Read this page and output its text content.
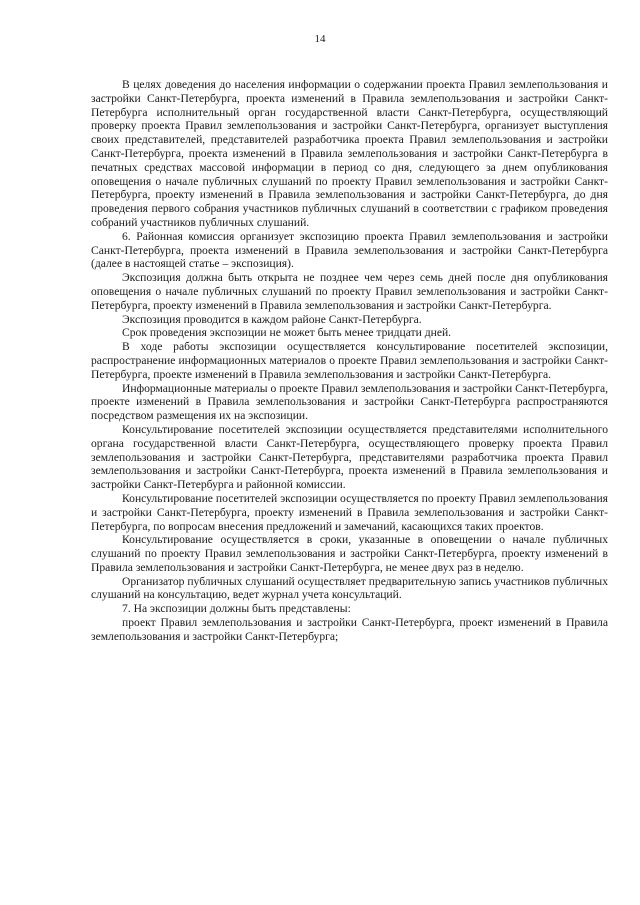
14

В целях доведения до населения информации о содержании проекта Правил землепользования и застройки Санкт-Петербурга, проекта изменений в Правила землепользования и застройки Санкт-Петербурга исполнительный орган государственной власти Санкт-Петербурга, осуществляющий проверку проекта Правил землепользования и застройки Санкт-Петербурга, организует выступления своих представителей, представителей разработчика проекта Правил землепользования и застройки Санкт-Петербурга, проекта изменений в Правила землепользования и застройки Санкт-Петербурга в печатных средствах массовой информации в период со дня, следующего за днем опубликования оповещения о начале публичных слушаний по проекту Правил землепользования и застройки Санкт-Петербурга, проекту изменений в Правила землепользования и застройки Санкт-Петербурга, до дня проведения первого собрания участников публичных слушаний в соответствии с графиком проведения собраний участников публичных слушаний.

6. Районная комиссия организует экспозицию проекта Правил землепользования и застройки Санкт-Петербурга, проекта изменений в Правила землепользования и застройки Санкт-Петербурга (далее в настоящей статье – экспозиция).

Экспозиция должна быть открыта не позднее чем через семь дней после дня опубликования оповещения о начале публичных слушаний по проекту Правил землепользования и застройки Санкт-Петербурга, проекту изменений в Правила землепользования и застройки Санкт-Петербурга.

Экспозиция проводится в каждом районе Санкт-Петербурга.

Срок проведения экспозиции не может быть менее тридцати дней.

В ходе работы экспозиции осуществляется консультирование посетителей экспозиции, распространение информационных материалов о проекте Правил землепользования и застройки Санкт-Петербурга, проекте изменений в Правила землепользования и застройки Санкт-Петербурга.

Информационные материалы о проекте Правил землепользования и застройки Санкт-Петербурга, проекте изменений в Правила землепользования и застройки Санкт-Петербурга распространяются посредством размещения их на экспозиции.

Консультирование посетителей экспозиции осуществляется представителями исполнительного органа государственной власти Санкт-Петербурга, осуществляющего проверку проекта Правил землепользования и застройки Санкт-Петербурга, представителями разработчика проекта Правил землепользования и застройки Санкт-Петербурга, проекта изменений в Правила землепользования и застройки Санкт-Петербурга и районной комиссии.

Консультирование посетителей экспозиции осуществляется по проекту Правил землепользования и застройки Санкт-Петербурга, проекту изменений в Правила землепользования и застройки Санкт-Петербурга, по вопросам внесения предложений и замечаний, касающихся таких проектов.

Консультирование осуществляется в сроки, указанные в оповещении о начале публичных слушаний по проекту Правил землепользования и застройки Санкт-Петербурга, проекту изменений в Правила землепользования и застройки Санкт-Петербурга, не менее двух раз в неделю.

Организатор публичных слушаний осуществляет предварительную запись участников публичных слушаний на консультацию, ведет журнал учета консультаций.

7. На экспозиции должны быть представлены:

проект Правил землепользования и застройки Санкт-Петербурга, проект изменений в Правила землепользования и застройки Санкт-Петербурга;
